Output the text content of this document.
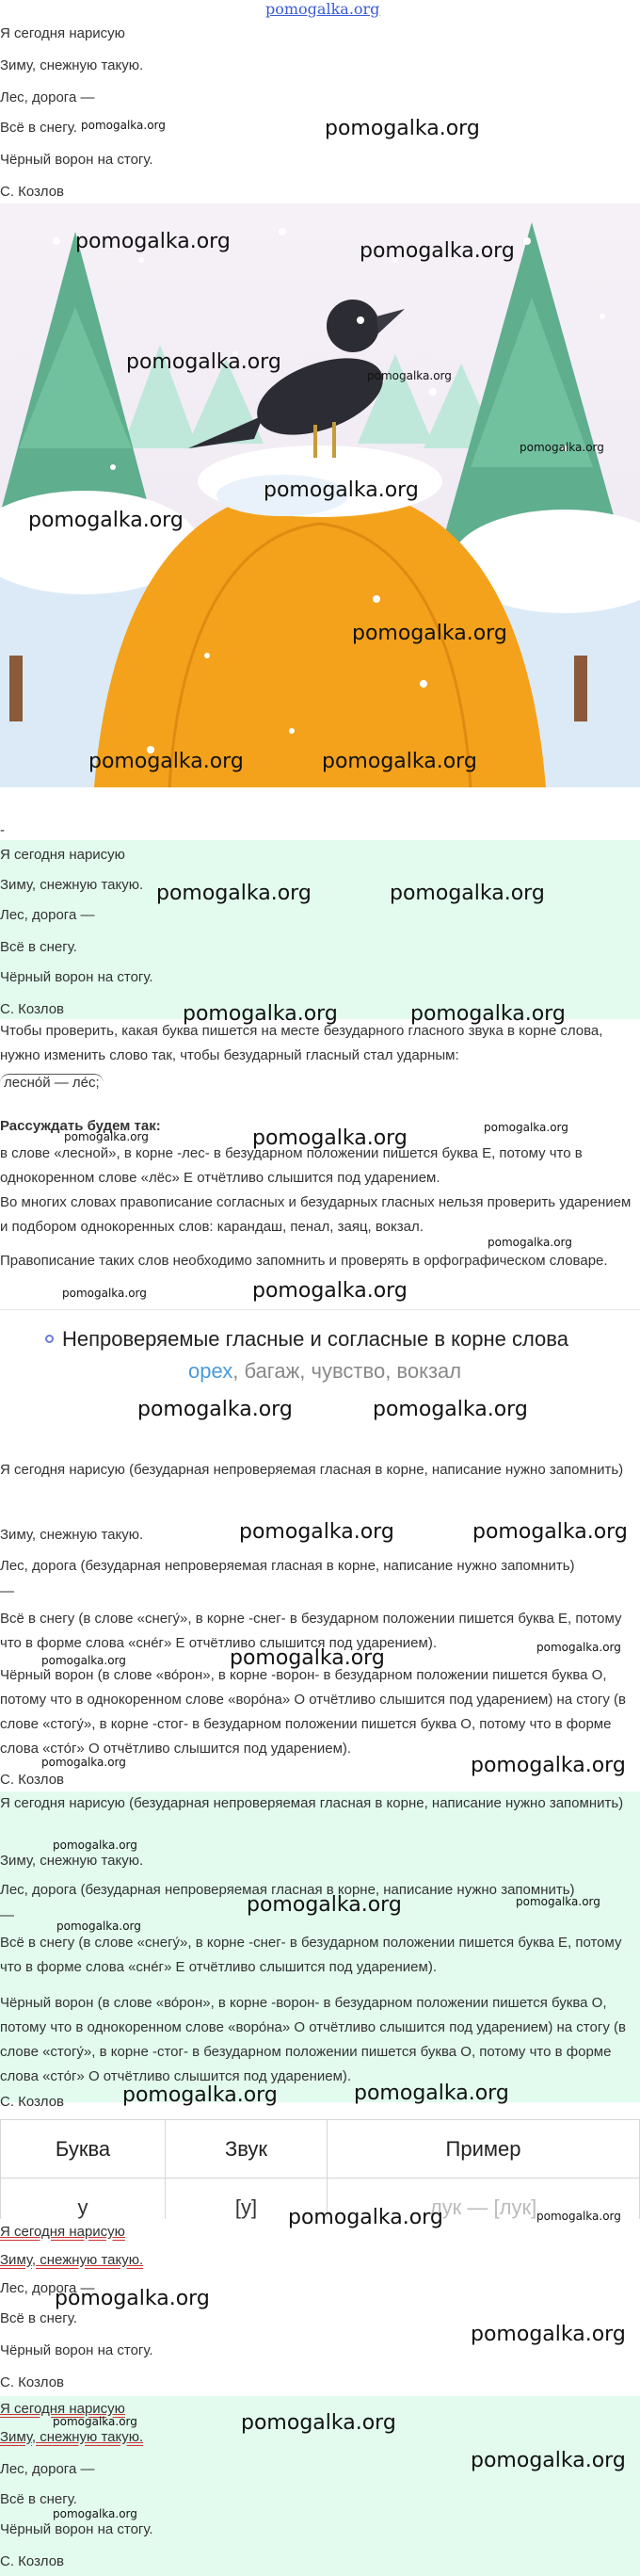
pomogalka.org
Я сегодня нарисую
Зиму, снежную такую.
Лес, дорога —
Всё в снегу. pomogalka.org	pomogalka.org
Чёрный ворон на стогу.
С. Козлов
pomogalka.org	pomogalka.org
pomogalka.org
pomogalka.org
pomogalka.org
pomogalka.org
pomogalka.org
pomogalka.org
pomogalka.org	pomogalka.org
-
Я сегодня нарисую
Зиму, снежную такую. pomogalka.org	pomogalka.org
Лес, дорога —
Всё в снегу.
Чёрный ворон на стогу.
С. Козлов	pomogalka.org	pomogalka.org
Чтобы проверить, какая буква пишется на месте безударного гласного звука в корне слова, нужно изменить слово так, чтобы безударный гласный стал ударным:
лесно́й — ле́с;
Рассуждать будем так:
pomogalka.org	pomogalka.org	pomogalka.org
в слове «лесной», в корне -лес- в безударном положении пишется буква Е, потому что в однокоренном слове «лёс» Е отчётливо слышится под ударением.
Во многих словах правописание согласных и безударных гласных нельзя проверить ударением и подбором однокоренных слов: карандаш, пенал, заяц, вокзал.
pomogalka.org
Правописание таких слов необходимо запомнить и проверять в орфографическом словаре.
pomogalka.org	pomogalka.org
Непроверяемые гласные и согласные в корне слова
орех, багаж, чувство, вокзал
pomogalka.org	pomogalka.org
Я сегодня нарисую (безударная непроверяемая гласная в корне, написание нужно запомнить)
Зиму, снежную такую.	pomogalka.org	pomogalka.org
Лес, дорога (безударная непроверяемая гласная в корне, написание нужно запомнить)
—
Всё в снегу (в слове «снегу́», в корне -снег- в безударном положении пишется буква Е, потому что в форме слова «сне́г» Е отчётливо слышится под ударением).	pomogalka.org
pomogalka.org
pomogalka.org
Чёрный ворон (в слове «во́рон», в корне -ворон- в безударном положении пишется буква О, потому что в однокоренном слове «воро́на» О отчётливо слышится под ударением) на стогу (в слове «стогу́», в корне -стог- в безударном положении пишется буква О, потому что в форме слова «сто́г» О отчётливо слышится под ударением).
pomogalka.org	pomogalka.org
С. Козлов
Я сегодня нарисую (безударная непроверяемая гласная в корне, написание нужно запомнить)
pomogalka.org
Зиму, снежную такую.
Лес, дорога (безударная непроверяемая гласная в корне, написание нужно запомнить)
pomogalka.org	pomogalka.org
—
pomogalka.org
Всё в снегу (в слове «снегу́», в корне -снег- в безударном положении пишется буква Е, потому что в форме слова «сне́г» Е отчётливо слышится под ударением).
Чёрный ворон (в слове «во́рон», в корне -ворон- в безударном положении пишется буква О, потому что в однокоренном слове «воро́на» О отчётливо слышится под ударением) на стогу (в слове «стогу́», в корне -стог- в безударном положении пишется буква О, потому что в форме слова «сто́г» О отчётливо слышится под ударением).
С. Козлов	pomogalka.org	pomogalka.org
Буква	Звук	Пример
у	[у]	лук — [лук]
pomogalka.org	pomogalka.org
Я сегодня нарисую
Зиму, снежную такую.
pomogalka.org
Лес, дорога —
Всё в снегу.
pomogalka.org
Чёрный ворон на стогу.
С. Козлов
Я сегодня нарисую
pomogalka.org	pomogalka.org
Зиму, снежную такую.
pomogalka.org
Лес, дорога —
Всё в снегу.
pomogalka.org
Чёрный ворон на стогу.
С. Козлов
